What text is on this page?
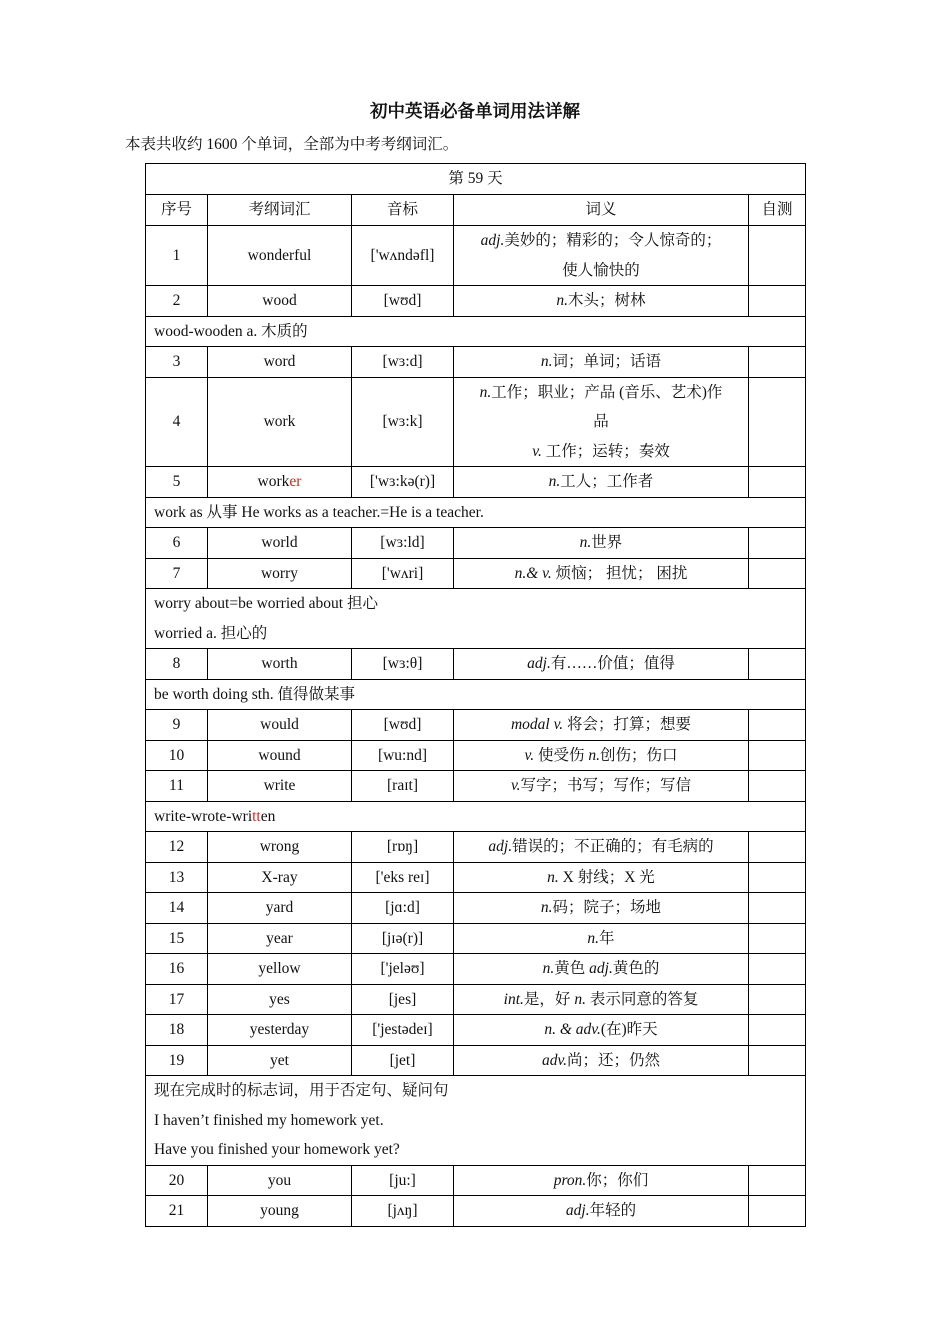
初中英语必备单词用法详解
本表共收约 1600 个单词，全部为中考考纲词汇。
第 59 天				
序号	考纲词汇	音标	词义	自测
1	wonderful	['wʌndəfl]	adj.美妙的；精彩的；令人惊奇的；
使人愉快的	

2	wood	[wʊd]	n.木头；树林	

wood-wooden a. 木质的				

3	word	[wɜ:d]	n.词；单词；话语	

4	work	[wɜ:k]	n.工作；职业；产品 (音乐、艺术)作
品
v. 工作；运转；奏效	

5	worker	['wɜ:kə(r)]	n.工人；工作者	

work as 从事 He works as a teacher.=He is a teacher.				

6	world	[wɜ:ld]	n.世界	

7	worry	['wʌri]	n.& v. 烦恼； 担忧； 困扰	

worry about=be worried about 担心
worried a. 担心的				

8	worth	[wɜ:θ]	adj.有……价值；值得	

be worth doing sth. 值得做某事				

9	would	[wʊd]	modal v. 将会；打算；想要	

10	wound	[wu:nd]	v. 使受伤 n.创伤；伤口	

11	write	[raɪt]	v.写字；书写；写作；写信	

write-wrote-written				

12	wrong	[rɒŋ]	adj.错误的；不正确的；有毛病的	

13	X-ray	['eks reɪ]	n. X 射线；X 光	

14	yard	[jɑ:d]	n.码；院子；场地	

15	year	[jɪə(r)]	n.年	

16	yellow	['jeləʊ]	n.黄色 adj.黄色的	

17	yes	[jes]	int.是，好 n. 表示同意的答复	

18	yesterday	['jestədeɪ]	n. & adv.(在)昨天	

19	yet	[jet]	adv.尚；还；仍然	

现在完成时的标志词，用于否定句、疑问句
I haven’t finished my homework yet.
Have you finished your homework yet?				

20	you	[ju:]	pron.你；你们	

21	young	[jʌŋ]	adj.年轻的	
